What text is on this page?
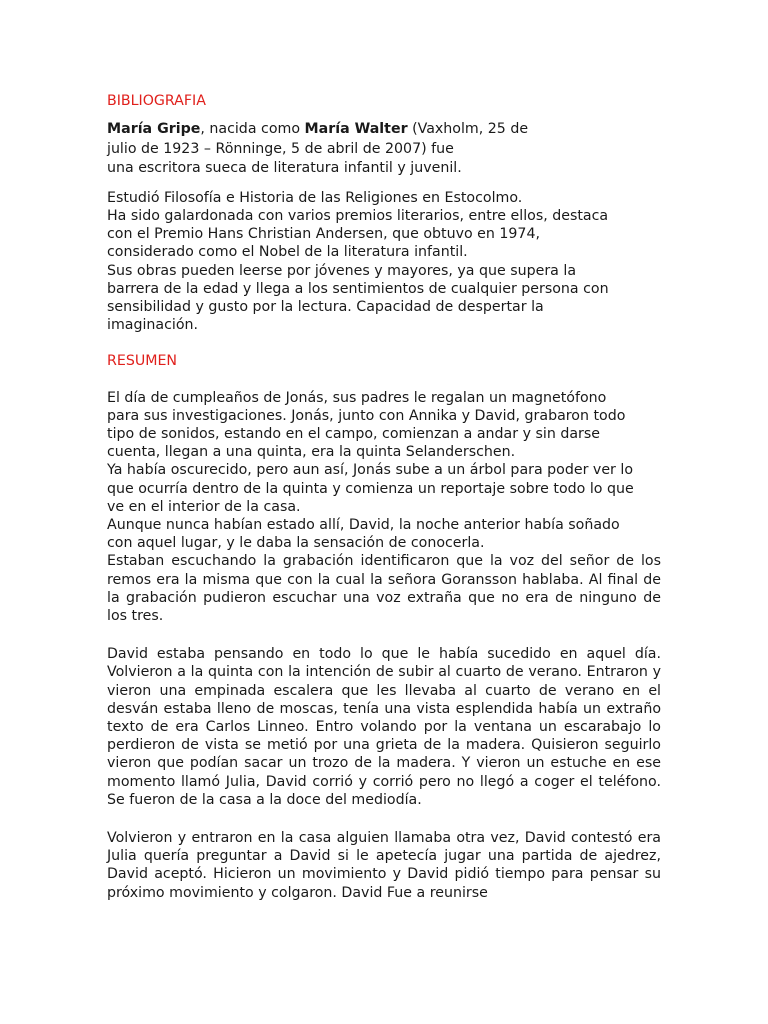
BIBLIOGRAFIA
María Gripe, nacida como María Walter (Vaxholm, 25 de
julio de 1923 – Rönninge, 5 de abril de 2007) fue
una escritora sueca de literatura infantil y juvenil.
Estudió Filosofía e Historia de las Religiones en Estocolmo.
Ha sido galardonada con varios premios literarios, entre ellos, destaca
con el Premio Hans Christian Andersen, que obtuvo en 1974,
considerado como el Nobel de la literatura infantil.
Sus obras pueden leerse por jóvenes y mayores, ya que supera la
barrera de la edad y llega a los sentimientos de cualquier persona con
sensibilidad y gusto por la lectura. Capacidad de despertar la
imaginación.
RESUMEN
El día de cumpleaños de Jonás, sus padres le regalan un magnetófono
para sus investigaciones. Jonás, junto con Annika y David, grabaron todo
tipo de sonidos, estando en el campo, comienzan a andar y sin darse
cuenta, llegan a una quinta, era la quinta Selanderschen.
Ya había oscurecido, pero aun así, Jonás sube a un árbol para poder ver lo
que ocurría dentro de la quinta y comienza un reportaje sobre todo lo que
ve en el interior de la casa.
Aunque nunca habían estado allí, David, la noche anterior había soñado
con aquel lugar, y le daba la sensación de conocerla.

Estaban escuchando la grabación identificaron que la voz del señor de los remos era la misma que con la cual la señora Goransson hablaba. Al final de la grabación pudieron escuchar una voz extraña que no era de ninguno de los tres.

David estaba pensando en todo lo que le había sucedido en aquel día. Volvieron a la quinta con la intención de subir al cuarto de verano. Entraron y vieron una empinada escalera que les llevaba al cuarto de verano en el desván estaba lleno de moscas, tenía una vista esplendida había un extraño texto de era Carlos Linneo. Entro volando por la ventana un escarabajo lo perdieron de vista se metió por una grieta de la madera. Quisieron seguirlo vieron que podían sacar un trozo de la madera. Y vieron un estuche en ese momento llamó Julia, David corrió y corrió pero no llegó a coger el teléfono. Se fueron de la casa a la doce del mediodía.

Volvieron y entraron en la casa alguien llamaba otra vez, David contestó era Julia quería preguntar a David si le apetecía jugar una partida de ajedrez, David aceptó. Hicieron un movimiento y David pidió tiempo para pensar su próximo movimiento y colgaron. David Fue a reunirse
